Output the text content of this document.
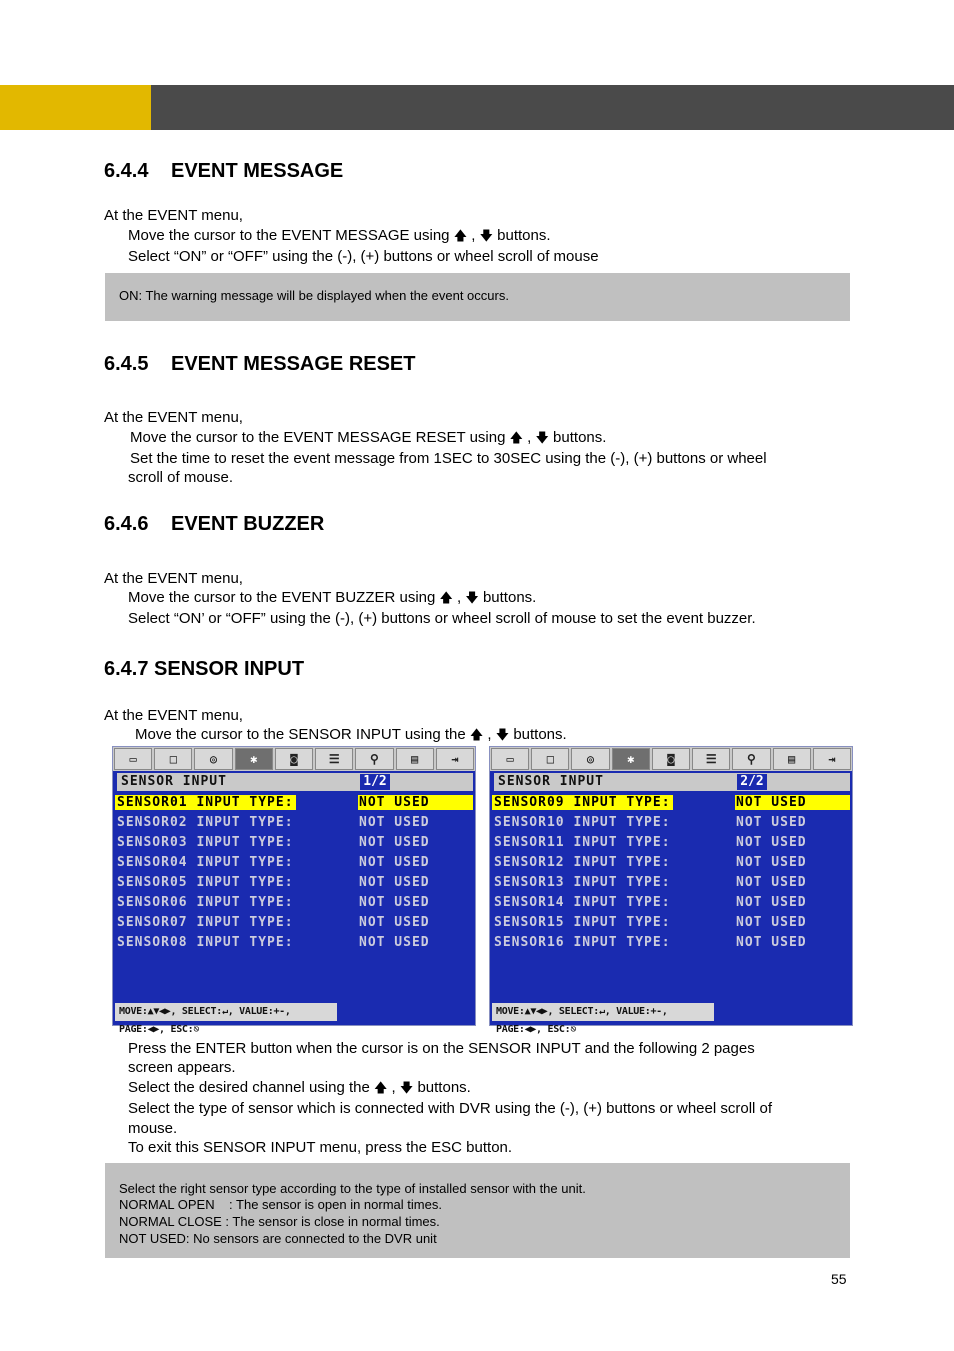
6.4.4 EVENT MESSAGE
At the EVENT menu,
Move the cursor to the EVENT MESSAGE using 🡅 , 🡇 buttons.
Select “ON” or “OFF” using the (-), (+) buttons or wheel scroll of mouse
ON: The warning message will be displayed when the event occurs.
6.4.5 EVENT MESSAGE RESET
At the EVENT menu,
Move the cursor to the EVENT MESSAGE RESET using 🡅 , 🡇 buttons.
Set the time to reset the event message from 1SEC to 30SEC using the (-), (+) buttons or wheel
scroll of mouse.
6.4.6 EVENT BUZZER
At the EVENT menu,
Move the cursor to the EVENT BUZZER using 🡅 , 🡇 buttons.
Select “ON’ or “OFF” using the (-), (+) buttons or wheel scroll of mouse to set the event buzzer.
6.4.7 SENSOR INPUT
At the EVENT menu,
Move the cursor to the SENSOR INPUT using the 🡅 , 🡇 buttons.
▭	□	◎	✱	◙	☰	⚲	▤	⇥
SENSOR INPUT	1/2
SENSOR01 INPUT TYPE:	NOT USED
SENSOR02 INPUT TYPE:	NOT USED
SENSOR03 INPUT TYPE:	NOT USED
SENSOR04 INPUT TYPE:	NOT USED
SENSOR05 INPUT TYPE:	NOT USED
SENSOR06 INPUT TYPE:	NOT USED
SENSOR07 INPUT TYPE:	NOT USED
SENSOR08 INPUT TYPE:	NOT USED
MOVE:▲▼◀▶, SELECT:↵, VALUE:+-, PAGE:◀▶, ESC:⎋
▭	□	◎	✱	◙	☰	⚲	▤	⇥
SENSOR INPUT	2/2
SENSOR09 INPUT TYPE:	NOT USED
SENSOR10 INPUT TYPE:	NOT USED
SENSOR11 INPUT TYPE:	NOT USED
SENSOR12 INPUT TYPE:	NOT USED
SENSOR13 INPUT TYPE:	NOT USED
SENSOR14 INPUT TYPE:	NOT USED
SENSOR15 INPUT TYPE:	NOT USED
SENSOR16 INPUT TYPE:	NOT USED
MOVE:▲▼◀▶, SELECT:↵, VALUE:+-, PAGE:◀▶, ESC:⎋
Press the ENTER button when the cursor is on the SENSOR INPUT and the following 2 pages
screen appears.
Select the desired channel using the 🡅 , 🡇 buttons.
Select the type of sensor which is connected with DVR using the (-), (+) buttons or wheel scroll of
mouse.
To exit this SENSOR INPUT menu, press the ESC button.
Select the right sensor type according to the type of installed sensor with the unit.
NORMAL OPEN    : The sensor is open in normal times.
NORMAL CLOSE : The sensor is close in normal times.
NOT USED: No sensors are connected to the DVR unit
55
